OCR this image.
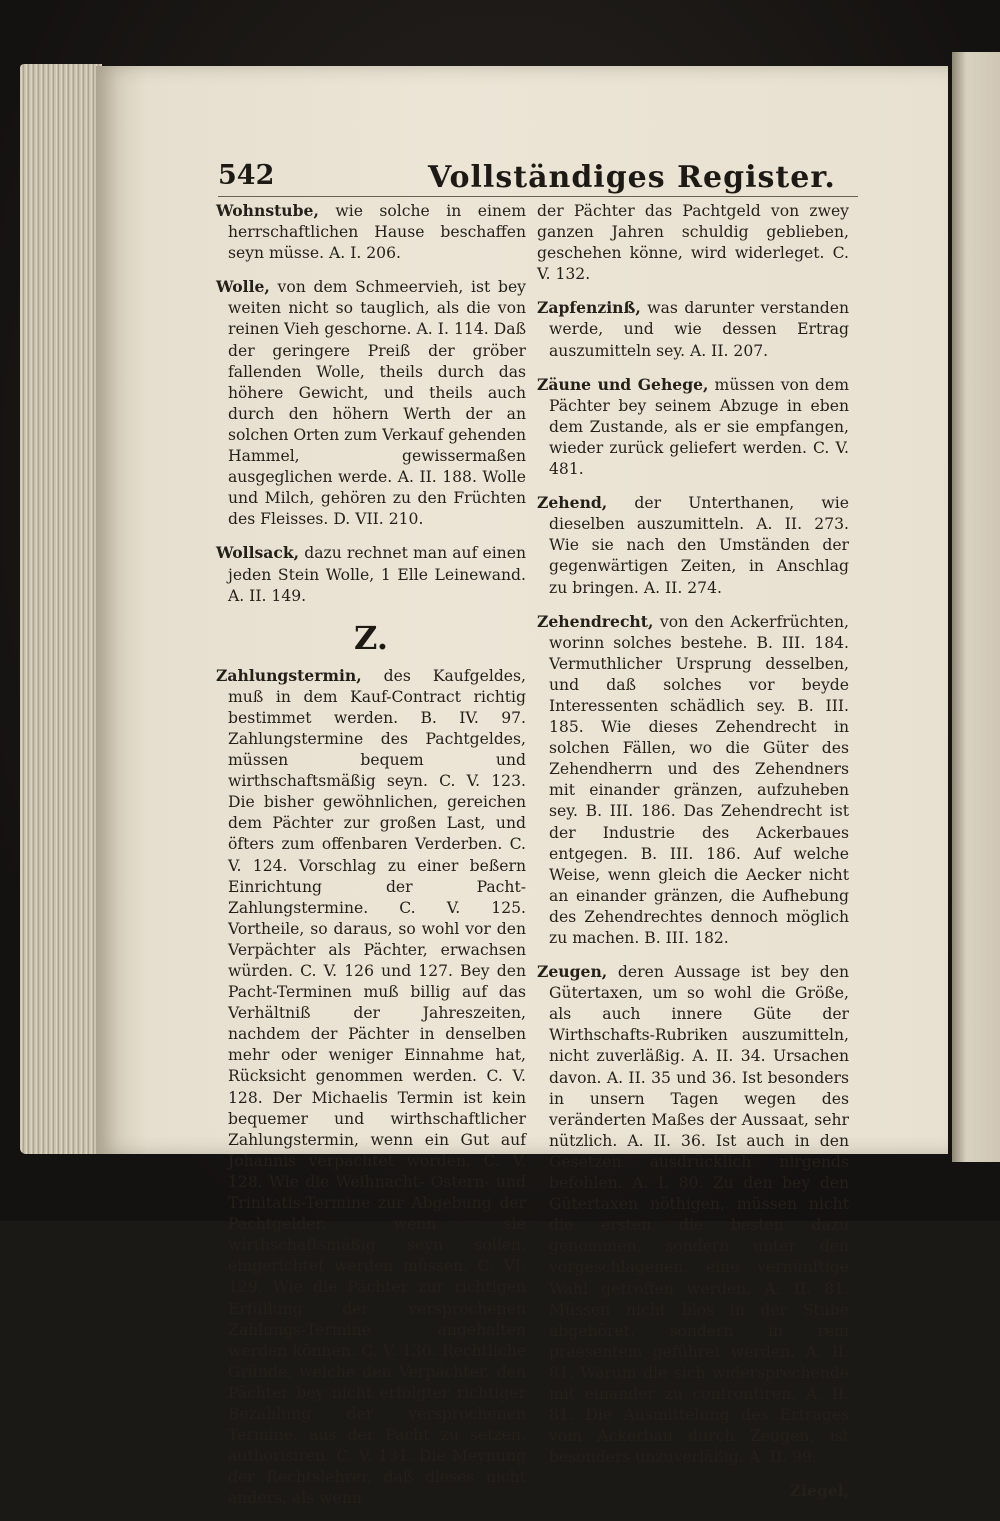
542	Vollständiges Register.

Wohnstube, wie solche in einem herrschaftlichen Hause beschaffen seyn müsse. A. I. 206.

Wolle, von dem Schmeervieh, ist bey weiten nicht so tauglich, als die von reinen Vieh geschorne. A. I. 114. Daß der geringere Preiß der gröber fallenden Wolle, theils durch das höhere Gewicht, und theils auch durch den höhern Werth der an solchen Orten zum Verkauf gehenden Hammel, gewissermaßen ausgeglichen werde. A. II. 188. Wolle und Milch, gehören zu den Früchten des Fleisses. D. VII. 210.

Wollsack, dazu rechnet man auf einen jeden Stein Wolle, 1 Elle Leinewand. A. II. 149.

Z.

Zahlungstermin, des Kaufgeldes, muß in dem Kauf-Contract richtig bestimmet werden. B. IV. 97. Zahlungstermine des Pachtgeldes, müssen bequem und wirthschaftsmäßig seyn. C. V. 123. Die bisher gewöhnlichen, gereichen dem Pächter zur großen Last, und öfters zum offenbaren Verderben. C. V. 124. Vorschlag zu einer beßern Einrichtung der Pacht-Zahlungstermine. C. V. 125. Vortheile, so daraus, so wohl vor den Verpächter als Pächter, erwachsen würden. C. V. 126 und 127. Bey den Pacht-Terminen muß billig auf das Verhältniß der Jahreszeiten, nachdem der Pächter in denselben mehr oder weniger Einnahme hat, Rücksicht genommen werden. C. V. 128. Der Michaelis Termin ist kein bequemer und wirthschaftlicher Zahlungstermin, wenn ein Gut auf Johannis verpachtet worden. C. V. 128. Wie die Weihnacht- Ostern- und Trinitatis-Termine zur Abgebung der Pachtgelder, wenn sie wirthschaftsmäßig seyn sollen, eingerichtet werden müssen. C. VI. 129. Wie die Pächter zur richtigen Erfüllung der versprochenen Zahlungs-Termine angehalten werden können. C. V. 130. Rechtliche Gründe, welche den Verpächter, den Pächter bey nicht erfolgter richtiger Bezahlung der versprochenen Termine, aus der Pacht zu setzen, authorisiren. C. V. 131. Die Meynung der Rechtslehrer, daß dieses nicht anders, als wenn

der Pächter das Pachtgeld von zwey ganzen Jahren schuldig geblieben, geschehen könne, wird widerleget. C. V. 132.

Zapfenzinß, was darunter verstanden werde, und wie dessen Ertrag auszumitteln sey. A. II. 207.

Zäune und Gehege, müssen von dem Pächter bey seinem Abzuge in eben dem Zustande, als er sie empfangen, wieder zurück geliefert werden. C. V. 481.

Zehend, der Unterthanen, wie dieselben auszumitteln. A. II. 273. Wie sie nach den Umständen der gegenwärtigen Zeiten, in Anschlag zu bringen. A. II. 274.

Zehendrecht, von den Ackerfrüchten, worinn solches bestehe. B. III. 184. Vermuthlicher Ursprung desselben, und daß solches vor beyde Interessenten schädlich sey. B. III. 185. Wie dieses Zehendrecht in solchen Fällen, wo die Güter des Zehendherrn und des Zehendners mit einander gränzen, aufzuheben sey. B. III. 186. Das Zehendrecht ist der Industrie des Ackerbaues entgegen. B. III. 186. Auf welche Weise, wenn gleich die Aecker nicht an einander gränzen, die Aufhebung des Zehendrechtes dennoch möglich zu machen. B. III. 182.

Zeugen, deren Aussage ist bey den Gütertaxen, um so wohl die Größe, als auch innere Güte der Wirthschafts-Rubriken auszumitteln, nicht zuverläßig. A. II. 34. Ursachen davon. A. II. 35 und 36. Ist besonders in unsern Tagen wegen des veränderten Maßes der Aussaat, sehr nützlich. A. II. 36. Ist auch in den Gesetzen ausdrücklich nirgends befohlen. A. I. 80. Zu den bey den Gütertaxen nöthigen, müssen nicht die ersten die besten dazu genommen, sondern unter den vorgeschlagenen, eine vernünftige Wahl getroffen werden. A. II. 81. Müssen nicht blos in der Stube abgehöret, sondern in rem praesentem geführet werden. A. II. 81. Warum die sich widersprechende mit einander zu confrontiren. A. II. 81. Die Ausmittelung des Ertrages vom Ackerbau durch Zeugen, ist besonders unzuverläßig. A. II. 99.

Ziegel,
